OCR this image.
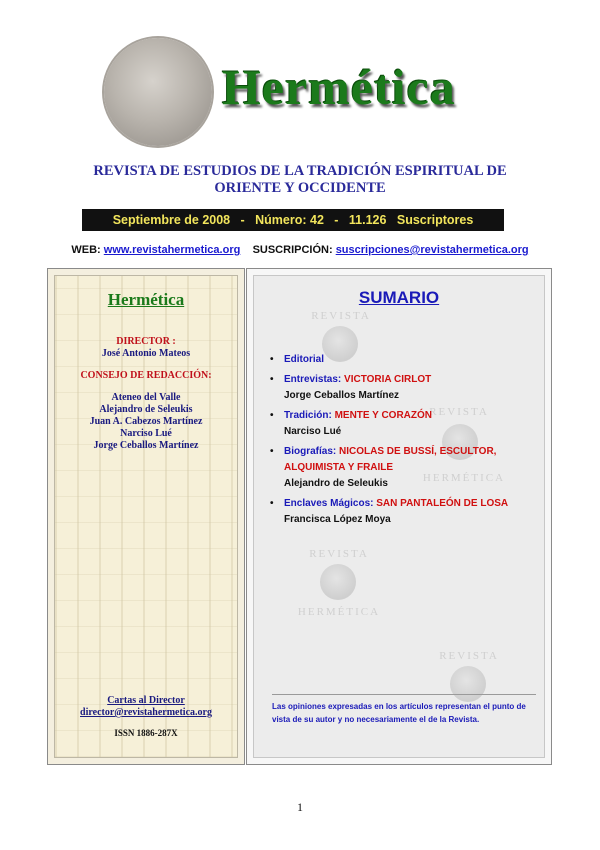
Hermética
REVISTA DE ESTUDIOS DE LA TRADICIÓN ESPIRITUAL DE ORIENTE Y OCCIDENTE
Septiembre de 2008   -   Número: 42   -   11.126   Suscriptores
WEB: www.revistahermetica.org SUSCRIPCIÓN: suscripciones@revistahermetica.org
Hermética
DIRECTOR :
José Antonio Mateos
CONSEJO DE REDACCIÓN:
Ateneo del Valle
Alejandro de Seleukis
Juan A. Cabezos Martínez
Narciso Lué
Jorge Ceballos Martínez
Cartas al Director
director@revistahermetica.org
ISSN 1886-287X
REVISTA
REVISTA
HERMÉTICA
REVISTA
HERMÉTICA
REVISTA
SUMARIO
• Editorial
• Entrevistas: VICTORIA CIRLOT
Jorge Ceballos Martínez
• Tradición: MENTE Y CORAZÓN
Narciso Lué
• Biografías: NICOLAS DE BUSSÍ, ESCULTOR, ALQUIMISTA Y FRAILE
Alejandro de Seleukis
• Enclaves Mágicos: SAN PANTALEÓN DE LOSA
Francisca López Moya
Las opiniones expresadas en los artículos representan el punto de vista de su autor y no necesariamente el de la Revista.
1
